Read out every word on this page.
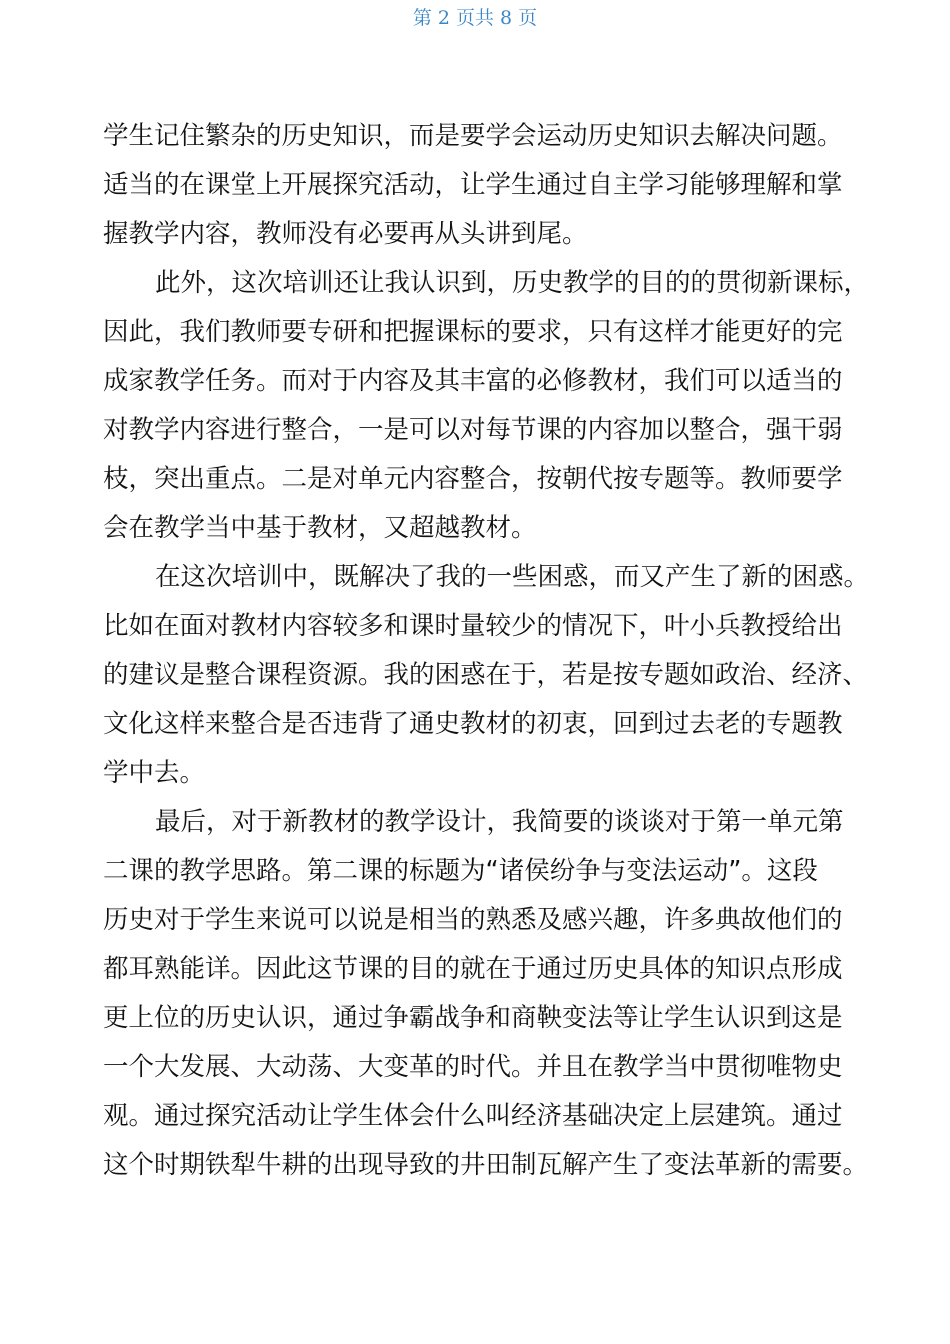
第 2 页共 8 页
学生记住繁杂的历史知识，而是要学会运动历史知识去解决问题。
适当的在课堂上开展探究活动，让学生通过自主学习能够理解和掌
握教学内容，教师没有必要再从头讲到尾。
此外，这次培训还让我认识到，历史教学的目的的贯彻新课标，
因此，我们教师要专研和把握课标的要求，只有这样才能更好的完
成家教学任务。而对于内容及其丰富的必修教材，我们可以适当的
对教学内容进行整合，一是可以对每节课的内容加以整合，强干弱
枝，突出重点。二是对单元内容整合，按朝代按专题等。教师要学
会在教学当中基于教材，又超越教材。
在这次培训中，既解决了我的一些困惑，而又产生了新的困惑。
比如在面对教材内容较多和课时量较少的情况下，叶小兵教授给出
的建议是整合课程资源。我的困惑在于，若是按专题如政治、经济、
文化这样来整合是否违背了通史教材的初衷，回到过去老的专题教
学中去。
最后，对于新教材的教学设计，我简要的谈谈对于第一单元第
二课的教学思路。第二课的标题为“诸侯纷争与变法运动”。这段
历史对于学生来说可以说是相当的熟悉及感兴趣，许多典故他们的
都耳熟能详。因此这节课的目的就在于通过历史具体的知识点形成
更上位的历史认识，通过争霸战争和商鞅变法等让学生认识到这是
一个大发展、大动荡、大变革的时代。并且在教学当中贯彻唯物史
观。通过探究活动让学生体会什么叫经济基础决定上层建筑。通过
这个时期铁犁牛耕的出现导致的井田制瓦解产生了变法革新的需要。
